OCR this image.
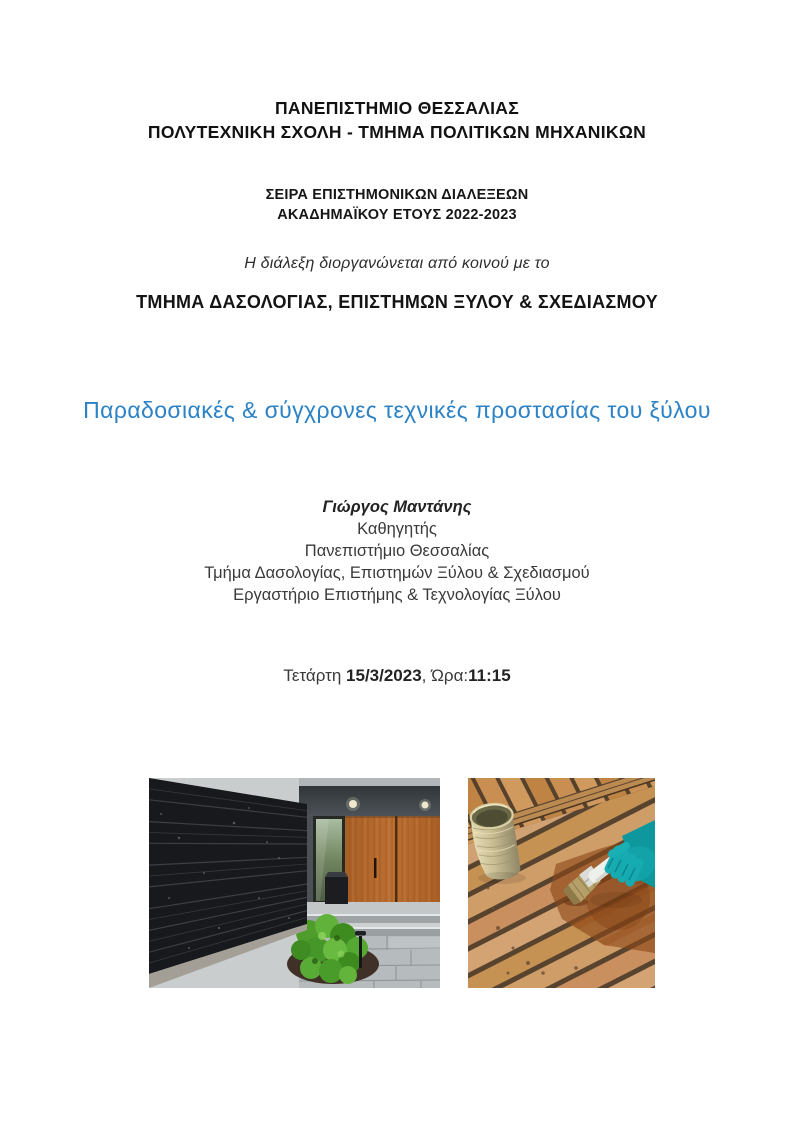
ΠΑΝΕΠΙΣΤΗΜΙΟ ΘΕΣΣΑΛΙΑΣ
ΠΟΛΥΤΕΧΝΙΚΗ ΣΧΟΛΗ - ΤΜΗΜΑ ΠΟΛΙΤΙΚΩΝ ΜΗΧΑΝΙΚΩΝ
ΣΕΙΡΑ ΕΠΙΣΤΗΜΟΝΙΚΩΝ ΔΙΑΛΕΞΕΩΝ
ΑΚΑΔΗΜΑΪΚΟΥ ΕΤΟΥΣ 2022-2023
Η διάλεξη διοργανώνεται από κοινού με το
ΤΜΗΜΑ ΔΑΣΟΛΟΓΙΑΣ, ΕΠΙΣΤΗΜΩΝ ΞΥΛΟΥ & ΣΧΕΔΙΑΣΜΟΥ
Παραδοσιακές & σύγχρονες τεχνικές προστασίας του ξύλου
Γιώργος Μαντάνης
Καθηγητής
Πανεπιστήμιο Θεσσαλίας
Τμήμα Δασολογίας, Επιστημών Ξύλου & Σχεδιασμού
Εργαστήριο Επιστήμης & Τεχνολογίας Ξύλου
Τετάρτη 15/3/2023, Ώρα:11:15
